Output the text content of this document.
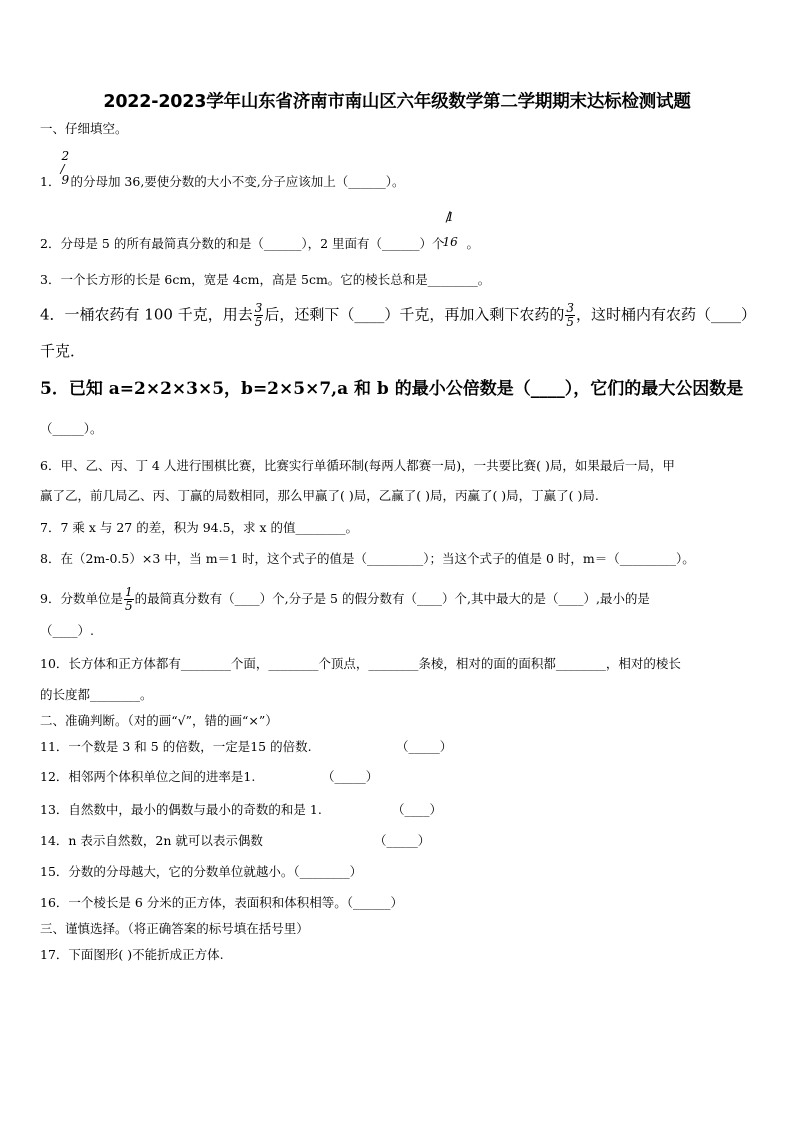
2022-2023学年山东省济南市南山区六年级数学第二学期期末达标检测试题
一、仔细填空。
1．
2
/
9 的分母加 36,要使分数的大小不变,分子应该加上（______）。
2．分母是 5 的所有最简真分数的和是（______），2 里面有（______）个
1
16 。
3．一个长方形的长是 6cm，宽是 4cm，高是 5cm。它的棱长总和是________。
4．一桶农药有 100 千克，用去 $\frac{3}{5}$ 后，还剩下（____）千克，再加入剩下农药的 $\frac{3}{5}$ ，这时桶内有农药（____）
千克．
5．已知 a=2×2×3×5，b=2×5×7,a 和 b 的最小公倍数是（____），它们的最大公因数是
（_____）。
6．甲、乙、丙、丁 4 人进行围棋比赛，比赛实行单循环制(每两人都赛一局)，一共要比赛( )局，如果最后一局，甲
赢了乙，前几局乙、丙、丁赢的局数相同，那么甲赢了( )局，乙赢了( )局，丙赢了( )局，丁赢了( )局.
7．7 乘 x 与 27 的差，积为 94.5，求 x 的值________。
8．在（2m-0.5）×3 中，当 m＝1 时，这个式子的值是（_________）；当这个式子的值是 0 时，m＝（_________）。
9．分数单位是 $\frac{1}{5}$ 的最简真分数有（____）个,分子是 5 的假分数有（____）个,其中最大的是（____）,最小的是
（____）.
10．长方体和正方体都有________个面，________个顶点，________条棱，相对的面的面积都________，相对的棱长
的长度都________。
二、准确判断。（对的画“√”，错的画“×”）
11．一个数是 3 和 5 的倍数，一定是15 的倍数.	（_____）
12．相邻两个体积单位之间的进率是1.	（_____）
13．自然数中，最小的偶数与最小的奇数的和是 1.	（____）
14．n 表示自然数，2n 就可以表示偶数	（_____）
15．分数的分母越大，它的分数单位就越小。（________）
16．一个棱长是 6 分米的正方体，表面积和体积相等。（______）
三、谨慎选择。（将正确答案的标号填在括号里）
17．下面图形( )不能折成正方体.
